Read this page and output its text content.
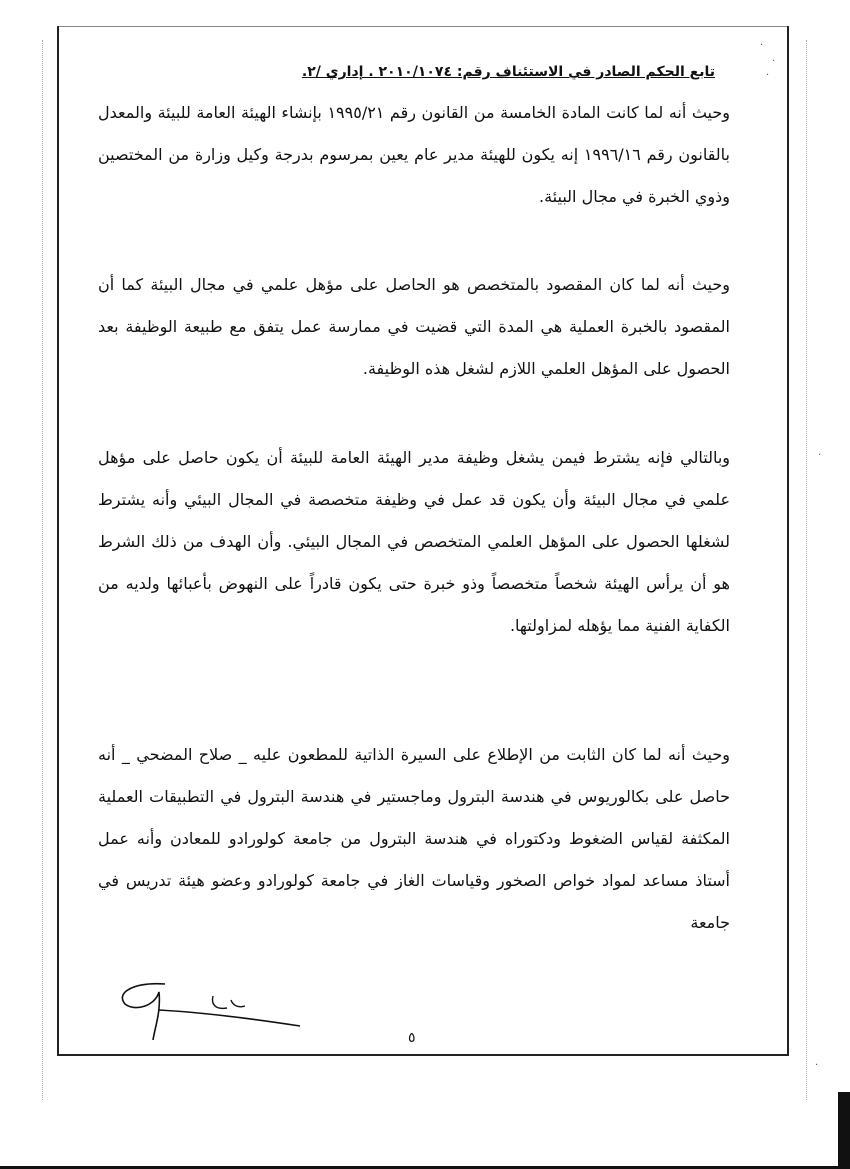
·
·
·
·
·
تابع الحكم الصادر في الاستئناف رقم: ٢٠١٠/١٠٧٤ . إداري /٢.

وحيث أنه لما كانت المادة الخامسة من القانون رقم ١٩٩٥/٢١ بإنشاء الهيئة العامة للبيئة والمعدل بالقانون رقم ١٩٩٦/١٦ إنه يكون للهيئة مدير عام يعين بمرسوم بدرجة وكيل وزارة من المختصين وذوي الخبرة في مجال البيئة.

وحيث أنه لما كان المقصود بالمتخصص هو الحاصل على مؤهل علمي في مجال البيئة كما أن المقصود بالخبرة العملية هي المدة التي قضيت في ممارسة عمل يتفق مع طبيعة الوظيفة بعد الحصول على المؤهل العلمي اللازم لشغل هذه الوظيفة.

وبالتالي فإنه يشترط فيمن يشغل وظيفة مدير الهيئة العامة للبيئة أن يكون حاصل على مؤهل علمي في مجال البيئة وأن يكون قد عمل في وظيفة متخصصة في المجال البيئي وأنه يشترط لشغلها الحصول على المؤهل العلمي المتخصص في المجال البيئي. وأن الهدف من ذلك الشرط هو أن يرأس الهيئة شخصاً متخصصاً وذو خبرة حتى يكون قادراً على النهوض بأعبائها ولديه من الكفاية الفنية مما يؤهله لمزاولتها.

وحيث أنه لما كان الثابت من الإطلاع على السيرة الذاتية للمطعون عليه _ صلاح المضحي _ أنه حاصل على بكالوريوس في هندسة البترول وماجستير في هندسة البترول في التطبيقات العملية المكثفة لقياس الضغوط ودكتوراه في هندسة البترول من جامعة كولورادو للمعادن وأنه عمل أستاذ مساعد لمواد خواص الصخور وقياسات الغاز في جامعة كولورادو وعضو هيئة تدريس في جامعة

٥
